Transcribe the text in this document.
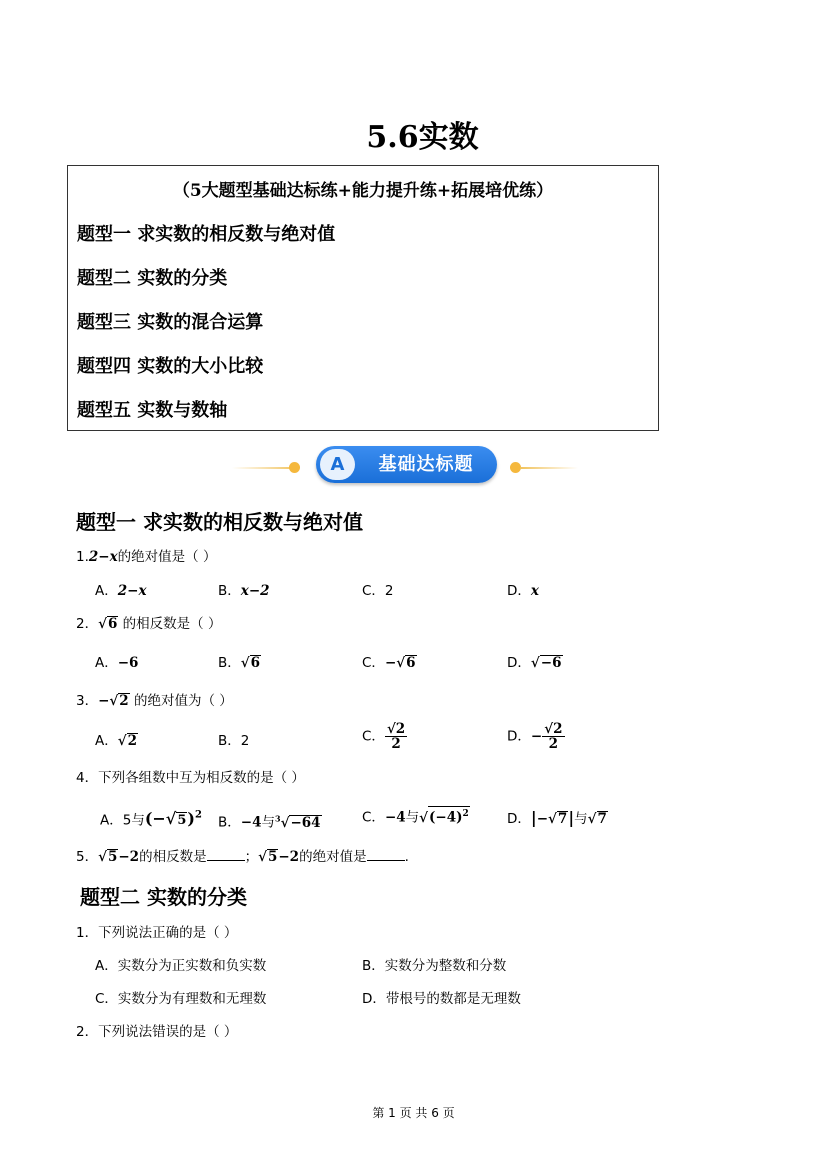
5.6实数
（5大题型基础达标练+能力提升练+拓展培优练）
题型一 求实数的相反数与绝对值
题型二 实数的分类
题型三 实数的混合运算
题型四 实数的大小比较
题型五 实数与数轴
A	基础达标题
题型一 求实数的相反数与绝对值
1.2−x的绝对值是（ ）
A．2−x	B．x−2	C．2	D．x
2．√6 的相反数是（ ）
A．−6	B．√6	C．−√6	D．√−6
3．−√2 的绝对值为（ ）
A．√2	B．2	C． $\frac{√2}{2}$	D．− $\frac{√2}{2}$
4．下列各组数中互为相反数的是（ ）
A．5与$(-√5)^2$ B．−4与$^3$√−64	C．−4与$√(-4)^2$	D．|−√7|与√7
5．√5−2的相反数是	；√5−2的绝对值是	.
题型二 实数的分类
1．下列说法正确的是（ ）
A．实数分为正实数和负实数	B．实数分为整数和分数
C．实数分为有理数和无理数	D．带根号的数都是无理数
2．下列说法错误的是（ ）
第 1 页 共 6 页
